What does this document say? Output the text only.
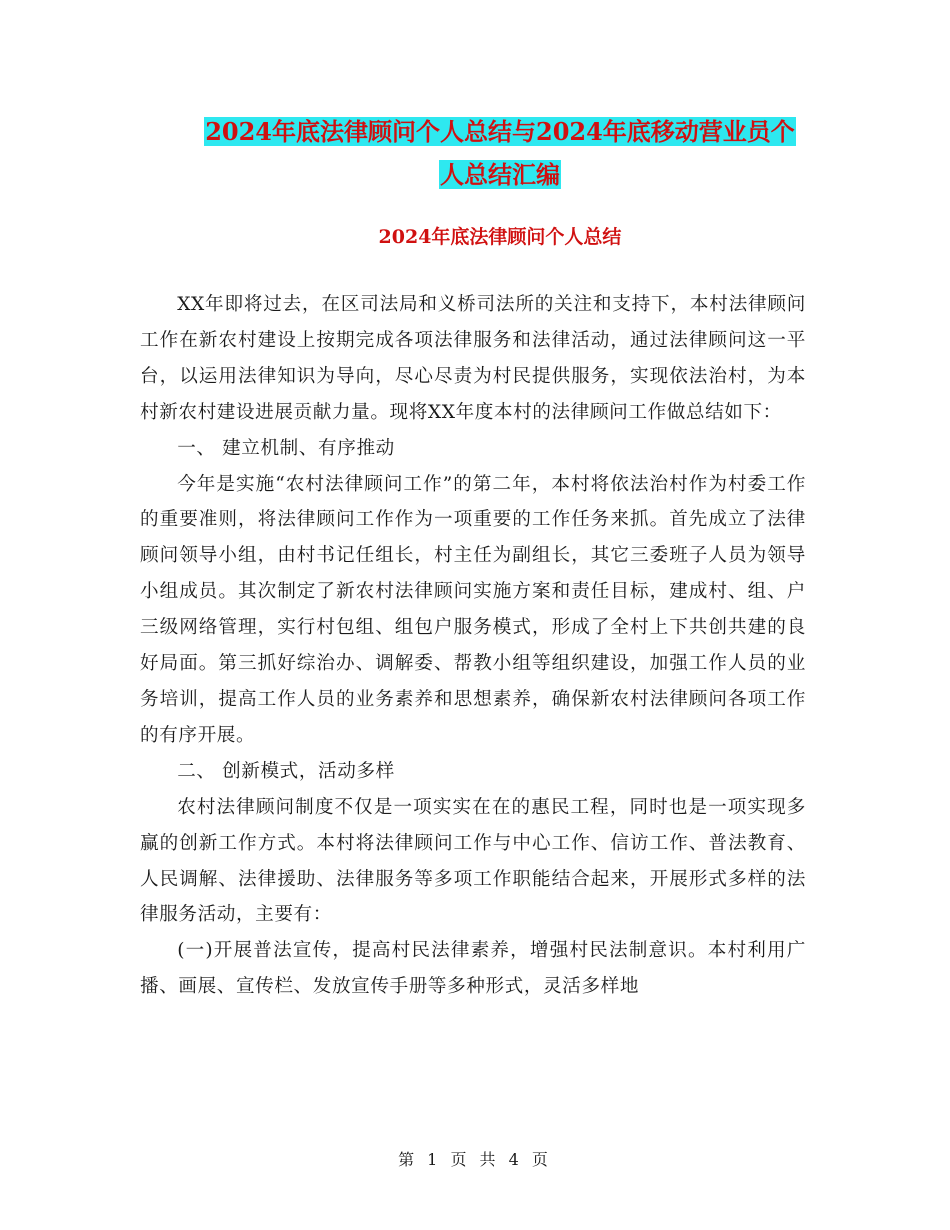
2024年底法律顾问个人总结与2024年底移动营业员个
人总结汇编
2024年底法律顾问个人总结

XX年即将过去，在区司法局和义桥司法所的关注和支持下，本村法律顾问工作在新农村建设上按期完成各项法律服务和法律活动，通过法律顾问这一平台，以运用法律知识为导向，尽心尽责为村民提供服务，实现依法治村，为本村新农村建设进展贡献力量。现将XX年度本村的法律顾问工作做总结如下：

一、 建立机制、有序推动

今年是实施“农村法律顾问工作”的第二年，本村将依法治村作为村委工作的重要准则，将法律顾问工作作为一项重要的工作任务来抓。首先成立了法律顾问领导小组，由村书记任组长，村主任为副组长，其它三委班子人员为领导小组成员。其次制定了新农村法律顾问实施方案和责任目标，建成村、组、户三级网络管理，实行村包组、组包户服务模式，形成了全村上下共创共建的良好局面。第三抓好综治办、调解委、帮教小组等组织建设，加强工作人员的业务培训，提高工作人员的业务素养和思想素养，确保新农村法律顾问各项工作的有序开展。

二、 创新模式，活动多样

农村法律顾问制度不仅是一项实实在在的惠民工程，同时也是一项实现多赢的创新工作方式。本村将法律顾问工作与中心工作、信访工作、普法教育、人民调解、法律援助、法律服务等多项工作职能结合起来，开展形式多样的法律服务活动，主要有：

(一)开展普法宣传，提高村民法律素养，增强村民法制意识。本村利用广播、画展、宣传栏、发放宣传手册等多种形式，灵活多样地

第 1 页 共 4 页
